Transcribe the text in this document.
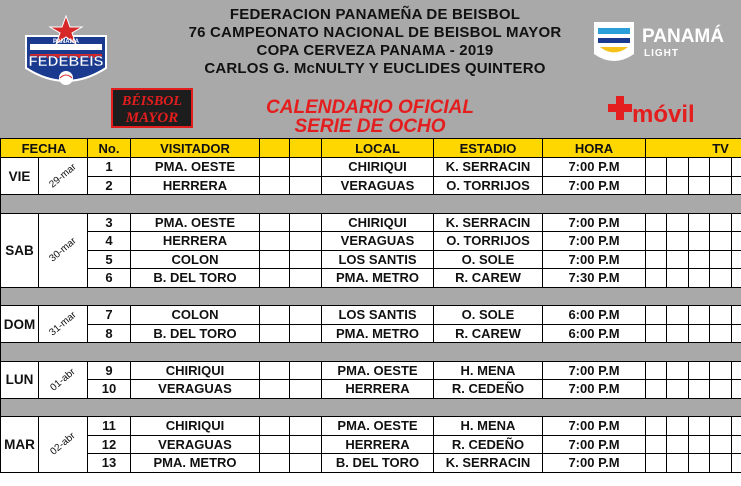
PANAMA
FEDEBEIS
FEDERACION PANAMEÑA DE BEISBOL
76 CAMPEONATO NACIONAL DE BEISBOL MAYOR
COPA CERVEZA PANAMA - 2019
CARLOS G. McNULTY Y EUCLIDES QUINTERO
BÉISBOL
MAYOR	CALENDARIO OFICIAL
SERIE DE OCHO
PANAMÁ
LIGHT
móvil
FECHA		No.	VISITADOR			LOCAL	ESTADIO	HORA	TV						
VIE	29-mar	1	PMA. OESTE			CHIRIQUI	K. SERRACIN	7:00 P.M							
		2	HERRERA			VERAGUAS	O. TORRIJOS	7:00 P.M							

SAB	30-mar	3	PMA. OESTE			CHIRIQUI	K. SERRACIN	7:00 P.M							
		4	HERRERA			VERAGUAS	O. TORRIJOS	7:00 P.M							
		5	COLON			LOS SANTIS	O. SOLE	7:00 P.M							
		6	B. DEL TORO			PMA. METRO	R. CAREW	7:30 P.M							

DOM	31-mar	7	COLON			LOS SANTIS	O. SOLE	6:00 P.M							
		8	B. DEL TORO			PMA. METRO	R. CAREW	6:00 P.M							

LUN	01-abr	9	CHIRIQUI			PMA. OESTE	H. MENA	7:00 P.M							
		10	VERAGUAS			HERRERA	R. CEDEÑO	7:00 P.M							

MAR	02-abr	11	CHIRIQUI			PMA. OESTE	H. MENA	7:00 P.M							
		12	VERAGUAS			HERRERA	R. CEDEÑO	7:00 P.M							
		13	PMA. METRO			B. DEL TORO	K. SERRACIN	7:00 P.M							
